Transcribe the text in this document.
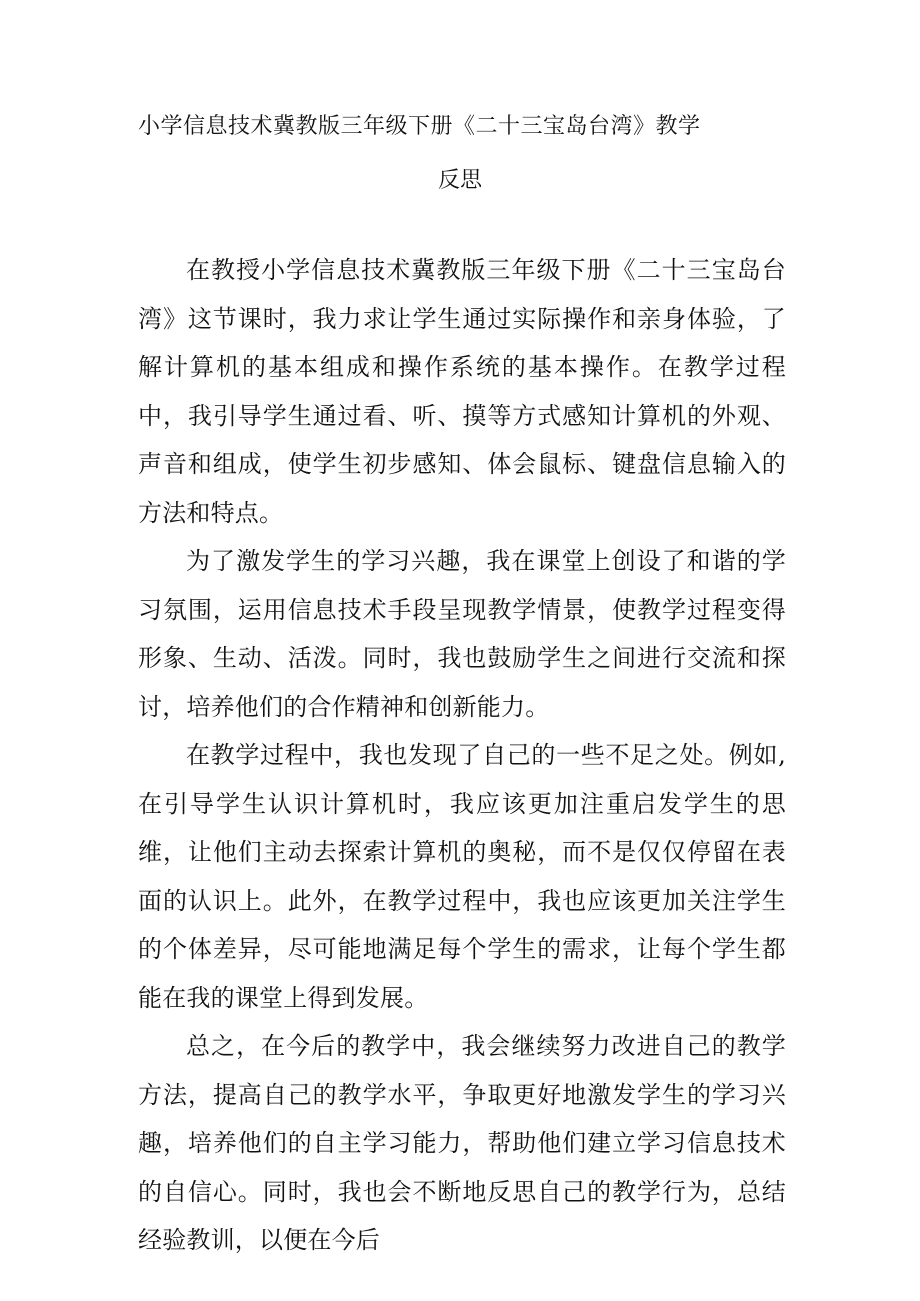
小学信息技术冀教版三年级下册《二十三宝岛台湾》教学
反思

在教授小学信息技术冀教版三年级下册《二十三宝岛台湾》这节课时，我力求让学生通过实际操作和亲身体验，了解计算机的基本组成和操作系统的基本操作。在教学过程中，我引导学生通过看、听、摸等方式感知计算机的外观、声音和组成，使学生初步感知、体会鼠标、键盘信息输入的方法和特点。

为了激发学生的学习兴趣，我在课堂上创设了和谐的学习氛围，运用信息技术手段呈现教学情景，使教学过程变得形象、生动、活泼。同时，我也鼓励学生之间进行交流和探讨，培养他们的合作精神和创新能力。

在教学过程中，我也发现了自己的一些不足之处。例如,在引导学生认识计算机时，我应该更加注重启发学生的思维，让他们主动去探索计算机的奥秘，而不是仅仅停留在表面的认识上。此外，在教学过程中，我也应该更加关注学生的个体差异，尽可能地满足每个学生的需求，让每个学生都能在我的课堂上得到发展。

总之，在今后的教学中，我会继续努力改进自己的教学方法，提高自己的教学水平，争取更好地激发学生的学习兴趣，培养他们的自主学习能力，帮助他们建立学习信息技术的自信心。同时，我也会不断地反思自己的教学行为，总结经验教训，以便在今后
